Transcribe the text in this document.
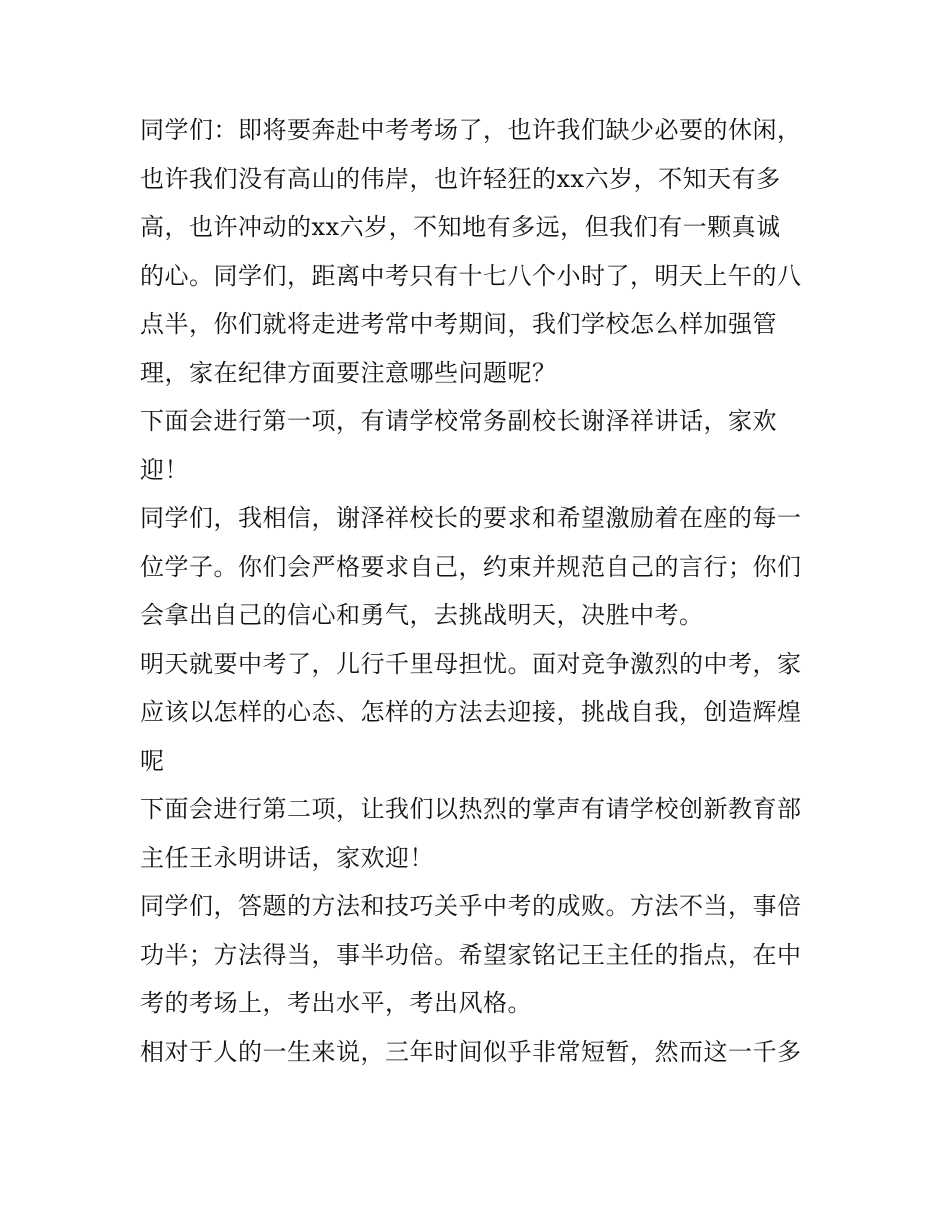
同学们：即将要奔赴中考考场了，也许我们缺少必要的休闲，
也许我们没有高山的伟岸，也许轻狂的xx六岁，不知天有多
高，也许冲动的xx六岁，不知地有多远，但我们有一颗真诚
的心。同学们，距离中考只有十七八个小时了，明天上午的八
点半，你们就将走进考常中考期间，我们学校怎么样加强管
理，家在纪律方面要注意哪些问题呢？
下面会进行第一项，有请学校常务副校长谢泽祥讲话，家欢
迎！
同学们，我相信，谢泽祥校长的要求和希望激励着在座的每一
位学子。你们会严格要求自己，约束并规范自己的言行；你们
会拿出自己的信心和勇气，去挑战明天，决胜中考。
明天就要中考了，儿行千里母担忧。面对竞争激烈的中考，家
应该以怎样的心态、怎样的方法去迎接，挑战自我，创造辉煌
呢
下面会进行第二项，让我们以热烈的掌声有请学校创新教育部
主任王永明讲话，家欢迎！
同学们，答题的方法和技巧关乎中考的成败。方法不当，事倍
功半；方法得当，事半功倍。希望家铭记王主任的指点，在中
考的考场上，考出水平，考出风格。
相对于人的一生来说，三年时间似乎非常短暂，然而这一千多
